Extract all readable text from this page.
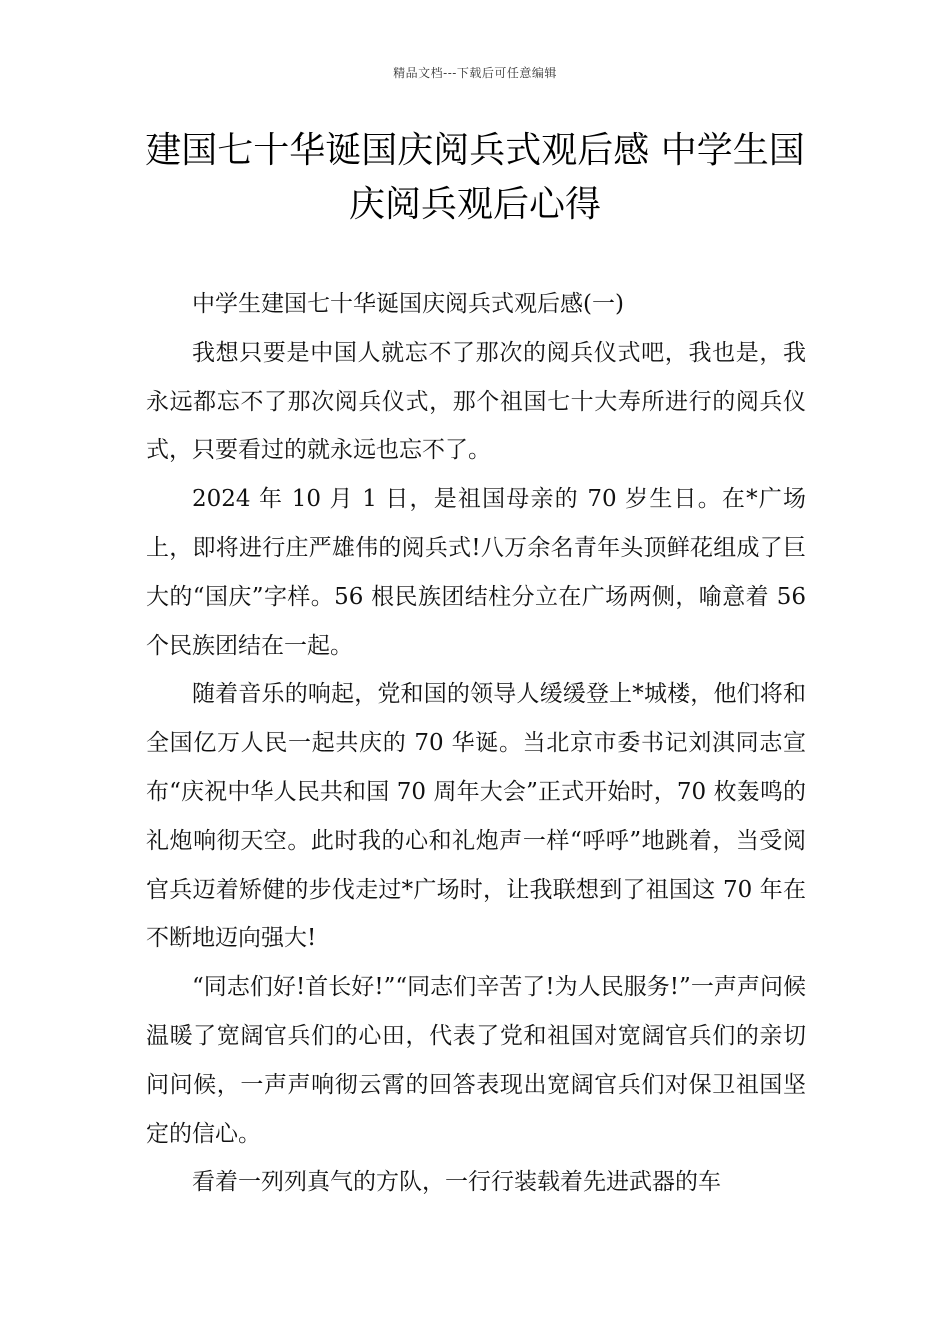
精品文档---下载后可任意编辑
建国七十华诞国庆阅兵式观后感 中学生国庆阅兵观后心得

中学生建国七十华诞国庆阅兵式观后感(一)

我想只要是中国人就忘不了那次的阅兵仪式吧，我也是，我永远都忘不了那次阅兵仪式，那个祖国七十大寿所进行的阅兵仪式，只要看过的就永远也忘不了。

2024 年 10 月 1 日，是祖国母亲的 70 岁生日。在*广场上，即将进行庄严雄伟的阅兵式!八万余名青年头顶鲜花组成了巨大的“国庆”字样。56 根民族团结柱分立在广场两侧，喻意着 56 个民族团结在一起。

随着音乐的响起，党和国的领导人缓缓登上*城楼，他们将和全国亿万人民一起共庆的 70 华诞。当北京市委书记刘淇同志宣布“庆祝中华人民共和国 70 周年大会”正式开始时，70 枚轰鸣的礼炮响彻天空。此时我的心和礼炮声一样“呼呼”地跳着，当受阅官兵迈着矫健的步伐走过*广场时，让我联想到了祖国这 70 年在不断地迈向强大!

“同志们好!首长好!”“同志们辛苦了!为人民服务!”一声声问候温暖了宽阔官兵们的心田，代表了党和祖国对宽阔官兵们的亲切问问候，一声声响彻云霄的回答表现出宽阔官兵们对保卫祖国坚定的信心。

看着一列列真气的方队，一行行装载着先进武器的车
